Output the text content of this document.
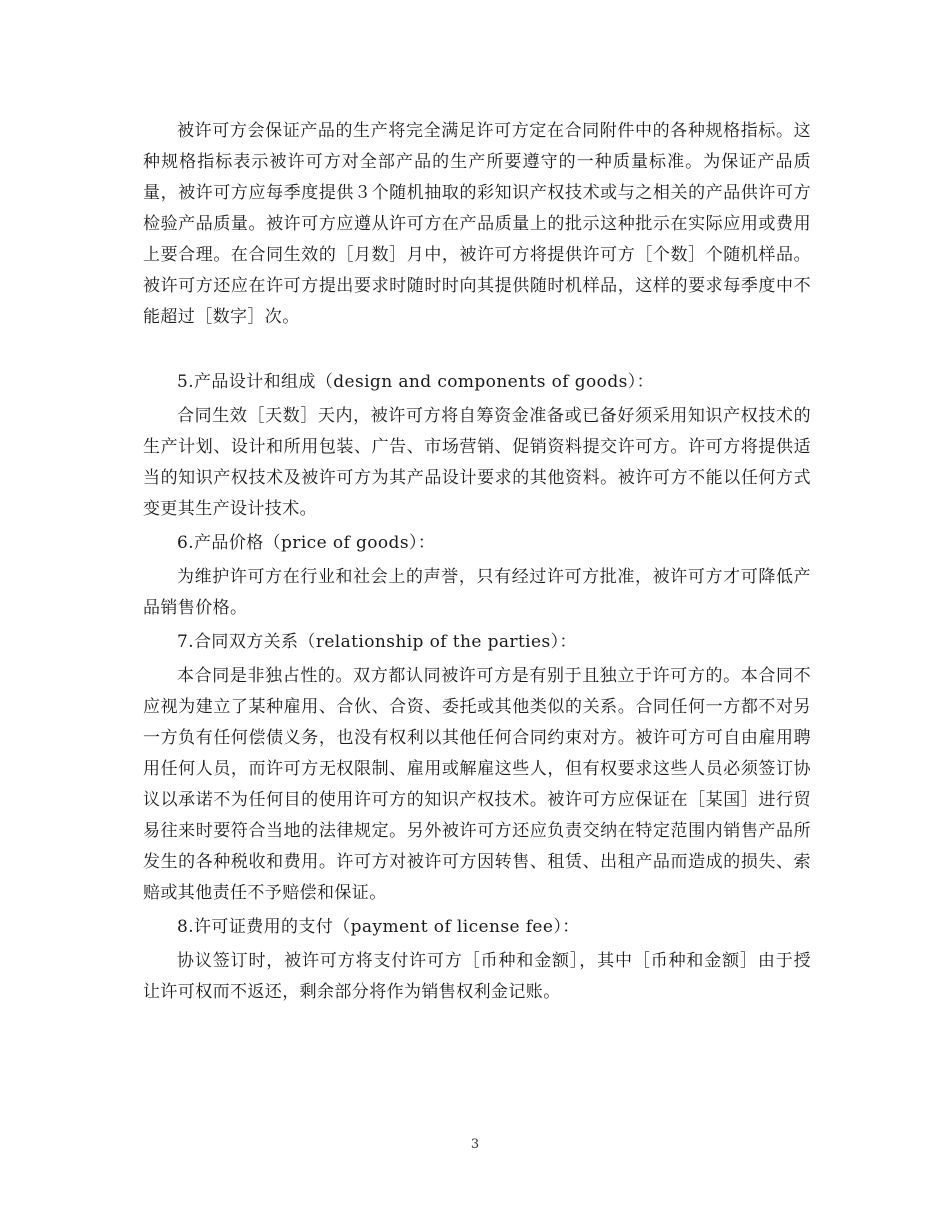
被许可方会保证产品的生产将完全满足许可方定在合同附件中的各种规格指标。这种规格指标表示被许可方对全部产品的生产所要遵守的一种质量标准。为保证产品质量，被许可方应每季度提供３个随机抽取的彩知识产权技术或与之相关的产品供许可方检验产品质量。被许可方应遵从许可方在产品质量上的批示这种批示在实际应用或费用上要合理。在合同生效的［月数］月中，被许可方将提供许可方［个数］个随机样品。被许可方还应在许可方提出要求时随时时向其提供随时机样品，这样的要求每季度中不能超过［数字］次。

5.产品设计和组成（design and components of goods）：

合同生效［天数］天内，被许可方将自筹资金准备或已备好须采用知识产权技术的生产计划、设计和所用包装、广告、市场营销、促销资料提交许可方。许可方将提供适当的知识产权技术及被许可方为其产品设计要求的其他资料。被许可方不能以任何方式变更其生产设计技术。

6.产品价格（price of goods）：

为维护许可方在行业和社会上的声誉，只有经过许可方批准，被许可方才可降低产品销售价格。

7.合同双方关系（relationship of the parties）：

本合同是非独占性的。双方都认同被许可方是有别于且独立于许可方的。本合同不应视为建立了某种雇用、合伙、合资、委托或其他类似的关系。合同任何一方都不对另一方负有任何偿债义务，也没有权利以其他任何合同约束对方。被许可方可自由雇用聘用任何人员，而许可方无权限制、雇用或解雇这些人，但有权要求这些人员必须签订协议以承诺不为任何目的使用许可方的知识产权技术。被许可方应保证在［某国］进行贸易往来时要符合当地的法律规定。另外被许可方还应负责交纳在特定范围内销售产品所发生的各种税收和费用。许可方对被许可方因转售、租赁、出租产品而造成的损失、索赔或其他责任不予赔偿和保证。

8.许可证费用的支付（payment of license fee）：

协议签订时，被许可方将支付许可方［币种和金额］，其中［币种和金额］由于授让许可权而不返还，剩余部分将作为销售权利金记账。

3
